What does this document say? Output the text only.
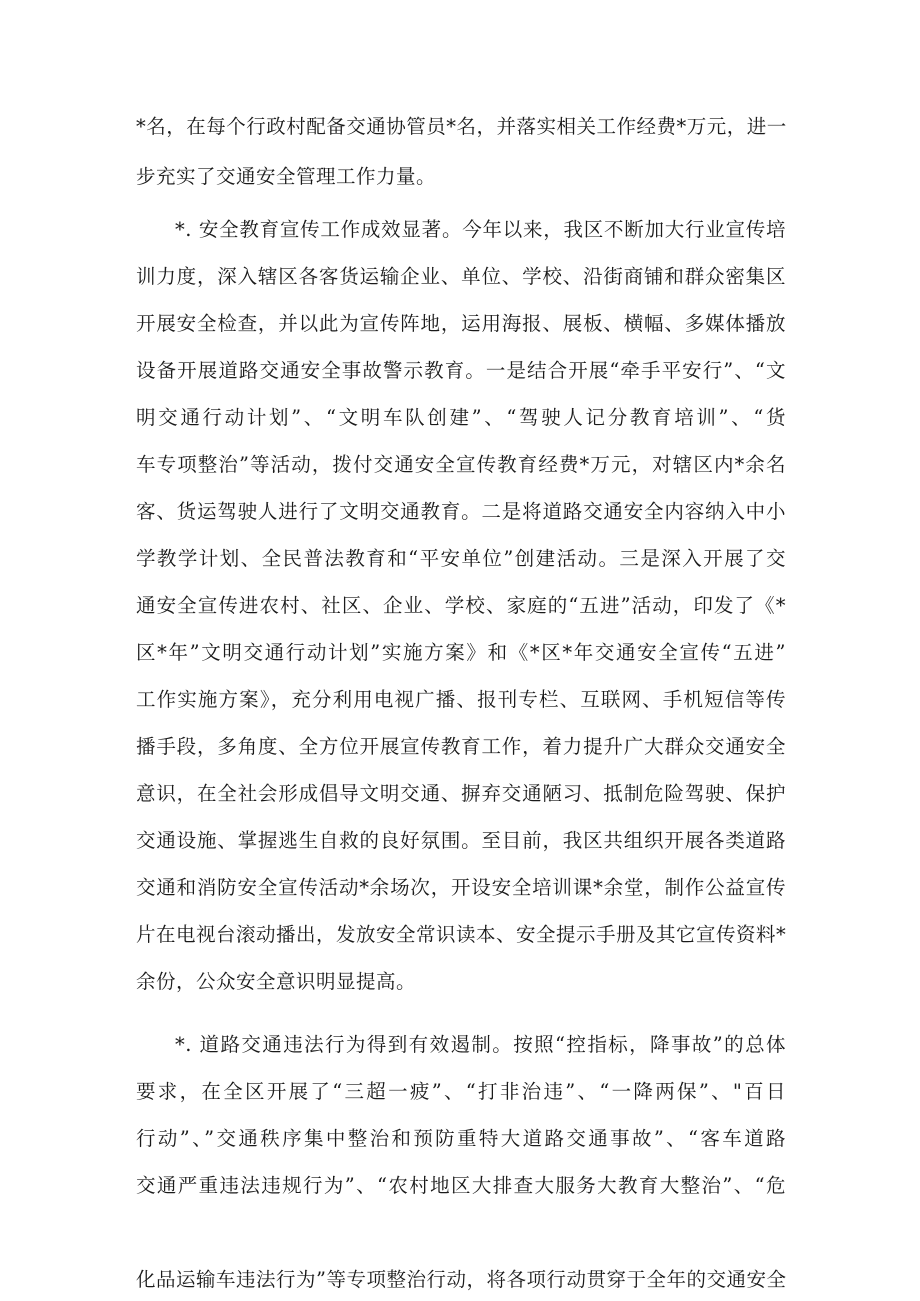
*名，在每个行政村配备交通协管员*名，并落实相关工作经费*万元，进一
步充实了交通安全管理工作力量。
*. 安全教育宣传工作成效显著。今年以来，我区不断加大行业宣传培
训力度，深入辖区各客货运输企业、单位、学校、沿街商铺和群众密集区
开展安全检查，并以此为宣传阵地，运用海报、展板、横幅、多媒体播放
设备开展道路交通安全事故警示教育。一是结合开展“牵手平安行”、“文
明交通行动计划”、“文明车队创建”、“驾驶人记分教育培训”、“货
车专项整治”等活动，拨付交通安全宣传教育经费*万元，对辖区内*余名
客、货运驾驶人进行了文明交通教育。二是将道路交通安全内容纳入中小
学教学计划、全民普法教育和“平安单位”创建活动。三是深入开展了交
通安全宣传进农村、社区、企业、学校、家庭的“五进”活动，印发了《*
区*年”文明交通行动计划”实施方案》和《*区*年交通安全宣传“五进”
工作实施方案》，充分利用电视广播、报刊专栏、互联网、手机短信等传
播手段，多角度、全方位开展宣传教育工作，着力提升广大群众交通安全
意识，在全社会形成倡导文明交通、摒弃交通陋习、抵制危险驾驶、保护
交通设施、掌握逃生自救的良好氛围。至目前，我区共组织开展各类道路
交通和消防安全宣传活动*余场次，开设安全培训课*余堂，制作公益宣传
片在电视台滚动播出，发放安全常识读本、安全提示手册及其它宣传资料*
余份，公众安全意识明显提高。
*. 道路交通违法行为得到有效遏制。按照“控指标，降事故”的总体
要求，在全区开展了“三超一疲”、“打非治违”、“一降两保”、"百日
行动”、”交通秩序集中整治和预防重特大道路交通事故”、“客车道路
交通严重违法违规行为”、“农村地区大排查大服务大教育大整治”、“危
化品运输车违法行为”等专项整治行动，将各项行动贯穿于全年的交通安全
